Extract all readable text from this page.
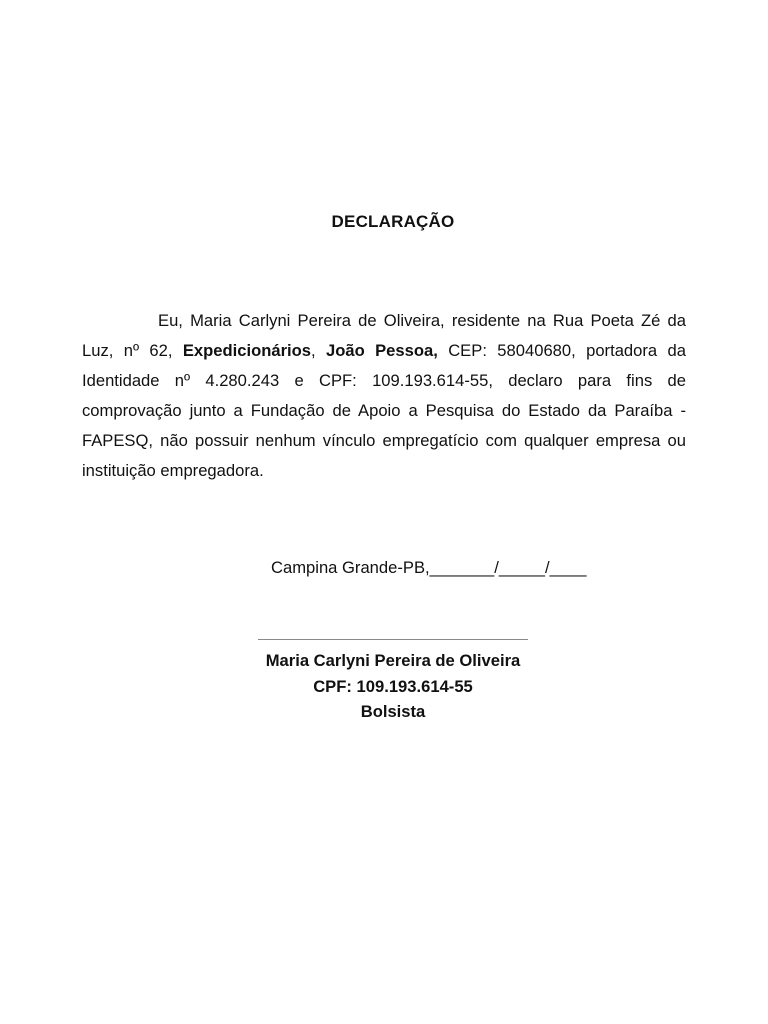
DECLARAÇÃO

Eu, Maria Carlyni Pereira de Oliveira, residente na Rua Poeta Zé da Luz, nº 62, Expedicionários, João Pessoa, CEP: 58040680, portadora da Identidade nº 4.280.243 e CPF: 109.193.614-55, declaro para fins de comprovação junto a Fundação de Apoio a Pesquisa do Estado da Paraíba - FAPESQ, não possuir nenhum vínculo empregatício com qualquer empresa ou instituição empregadora.

Campina Grande-PB,_______/_____/____
Maria Carlyni Pereira de Oliveira
CPF: 109.193.614-55
Bolsista
